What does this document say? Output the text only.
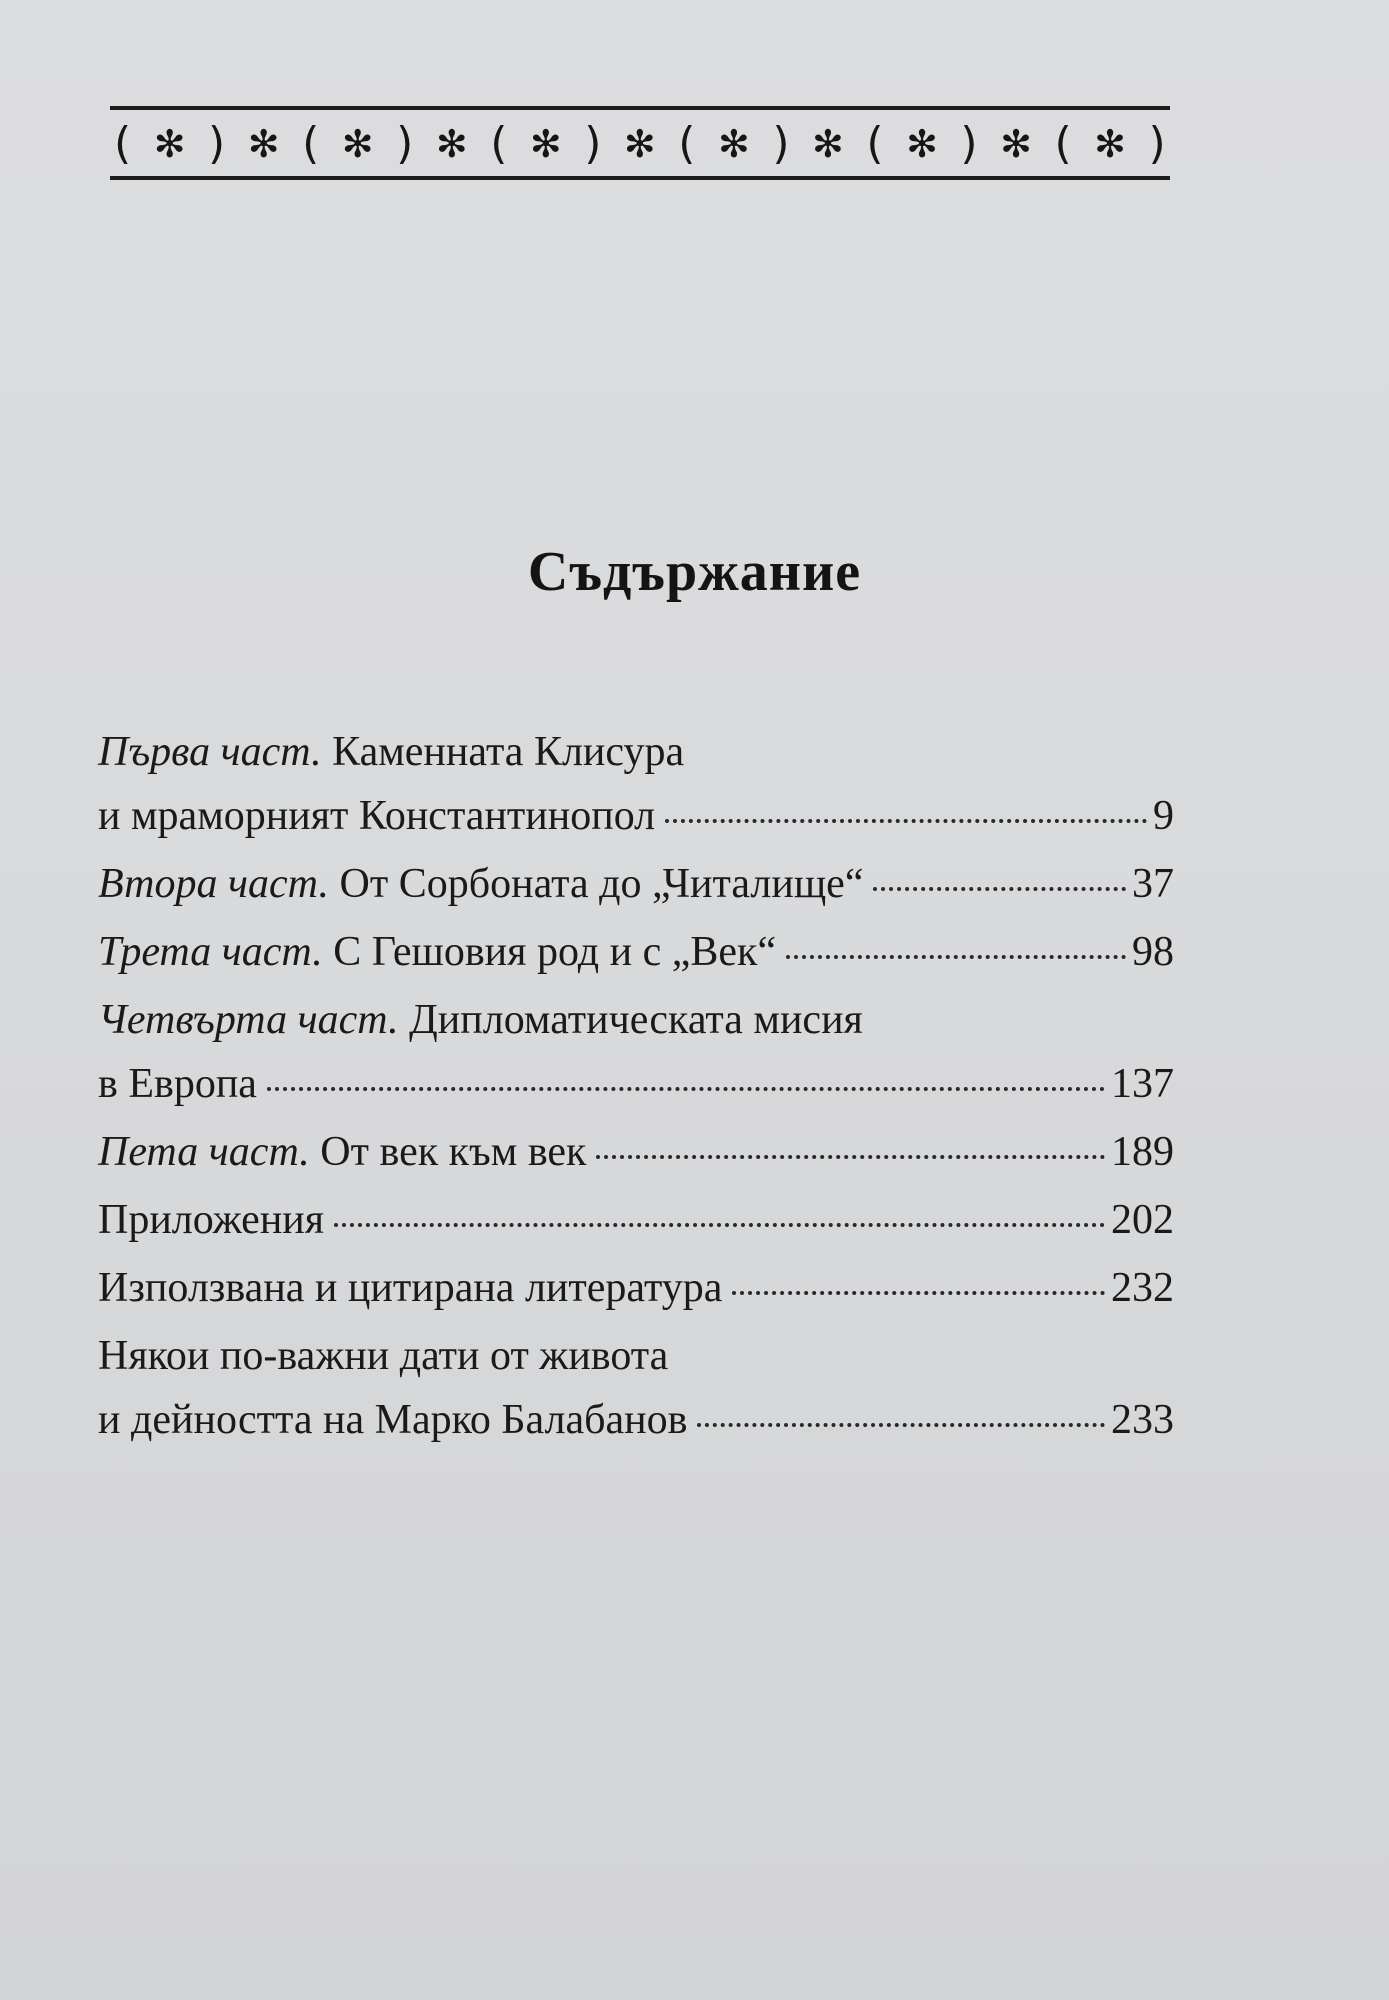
( ✻ ) ✻ ( ✻ ) ✻ ( ✻ ) ✻ ( ✻ ) ✻ ( ✻ ) ✻ ( ✻ )
Съдържание
Първа част.
Каменната Клисура
и мраморният Константинопол	9
Втора част.
От Сорбоната до „Читалище“	37
Трета част.
С Гешовия род и с „Век“	98
Четвърта част.
Дипломатическата мисия
в Европа	137
Пета част.
От век към век	189
Приложения	202
Използвана и цитирана литература	232
Някои по-важни дати от живота
и дейността на Марко Балабанов	233
